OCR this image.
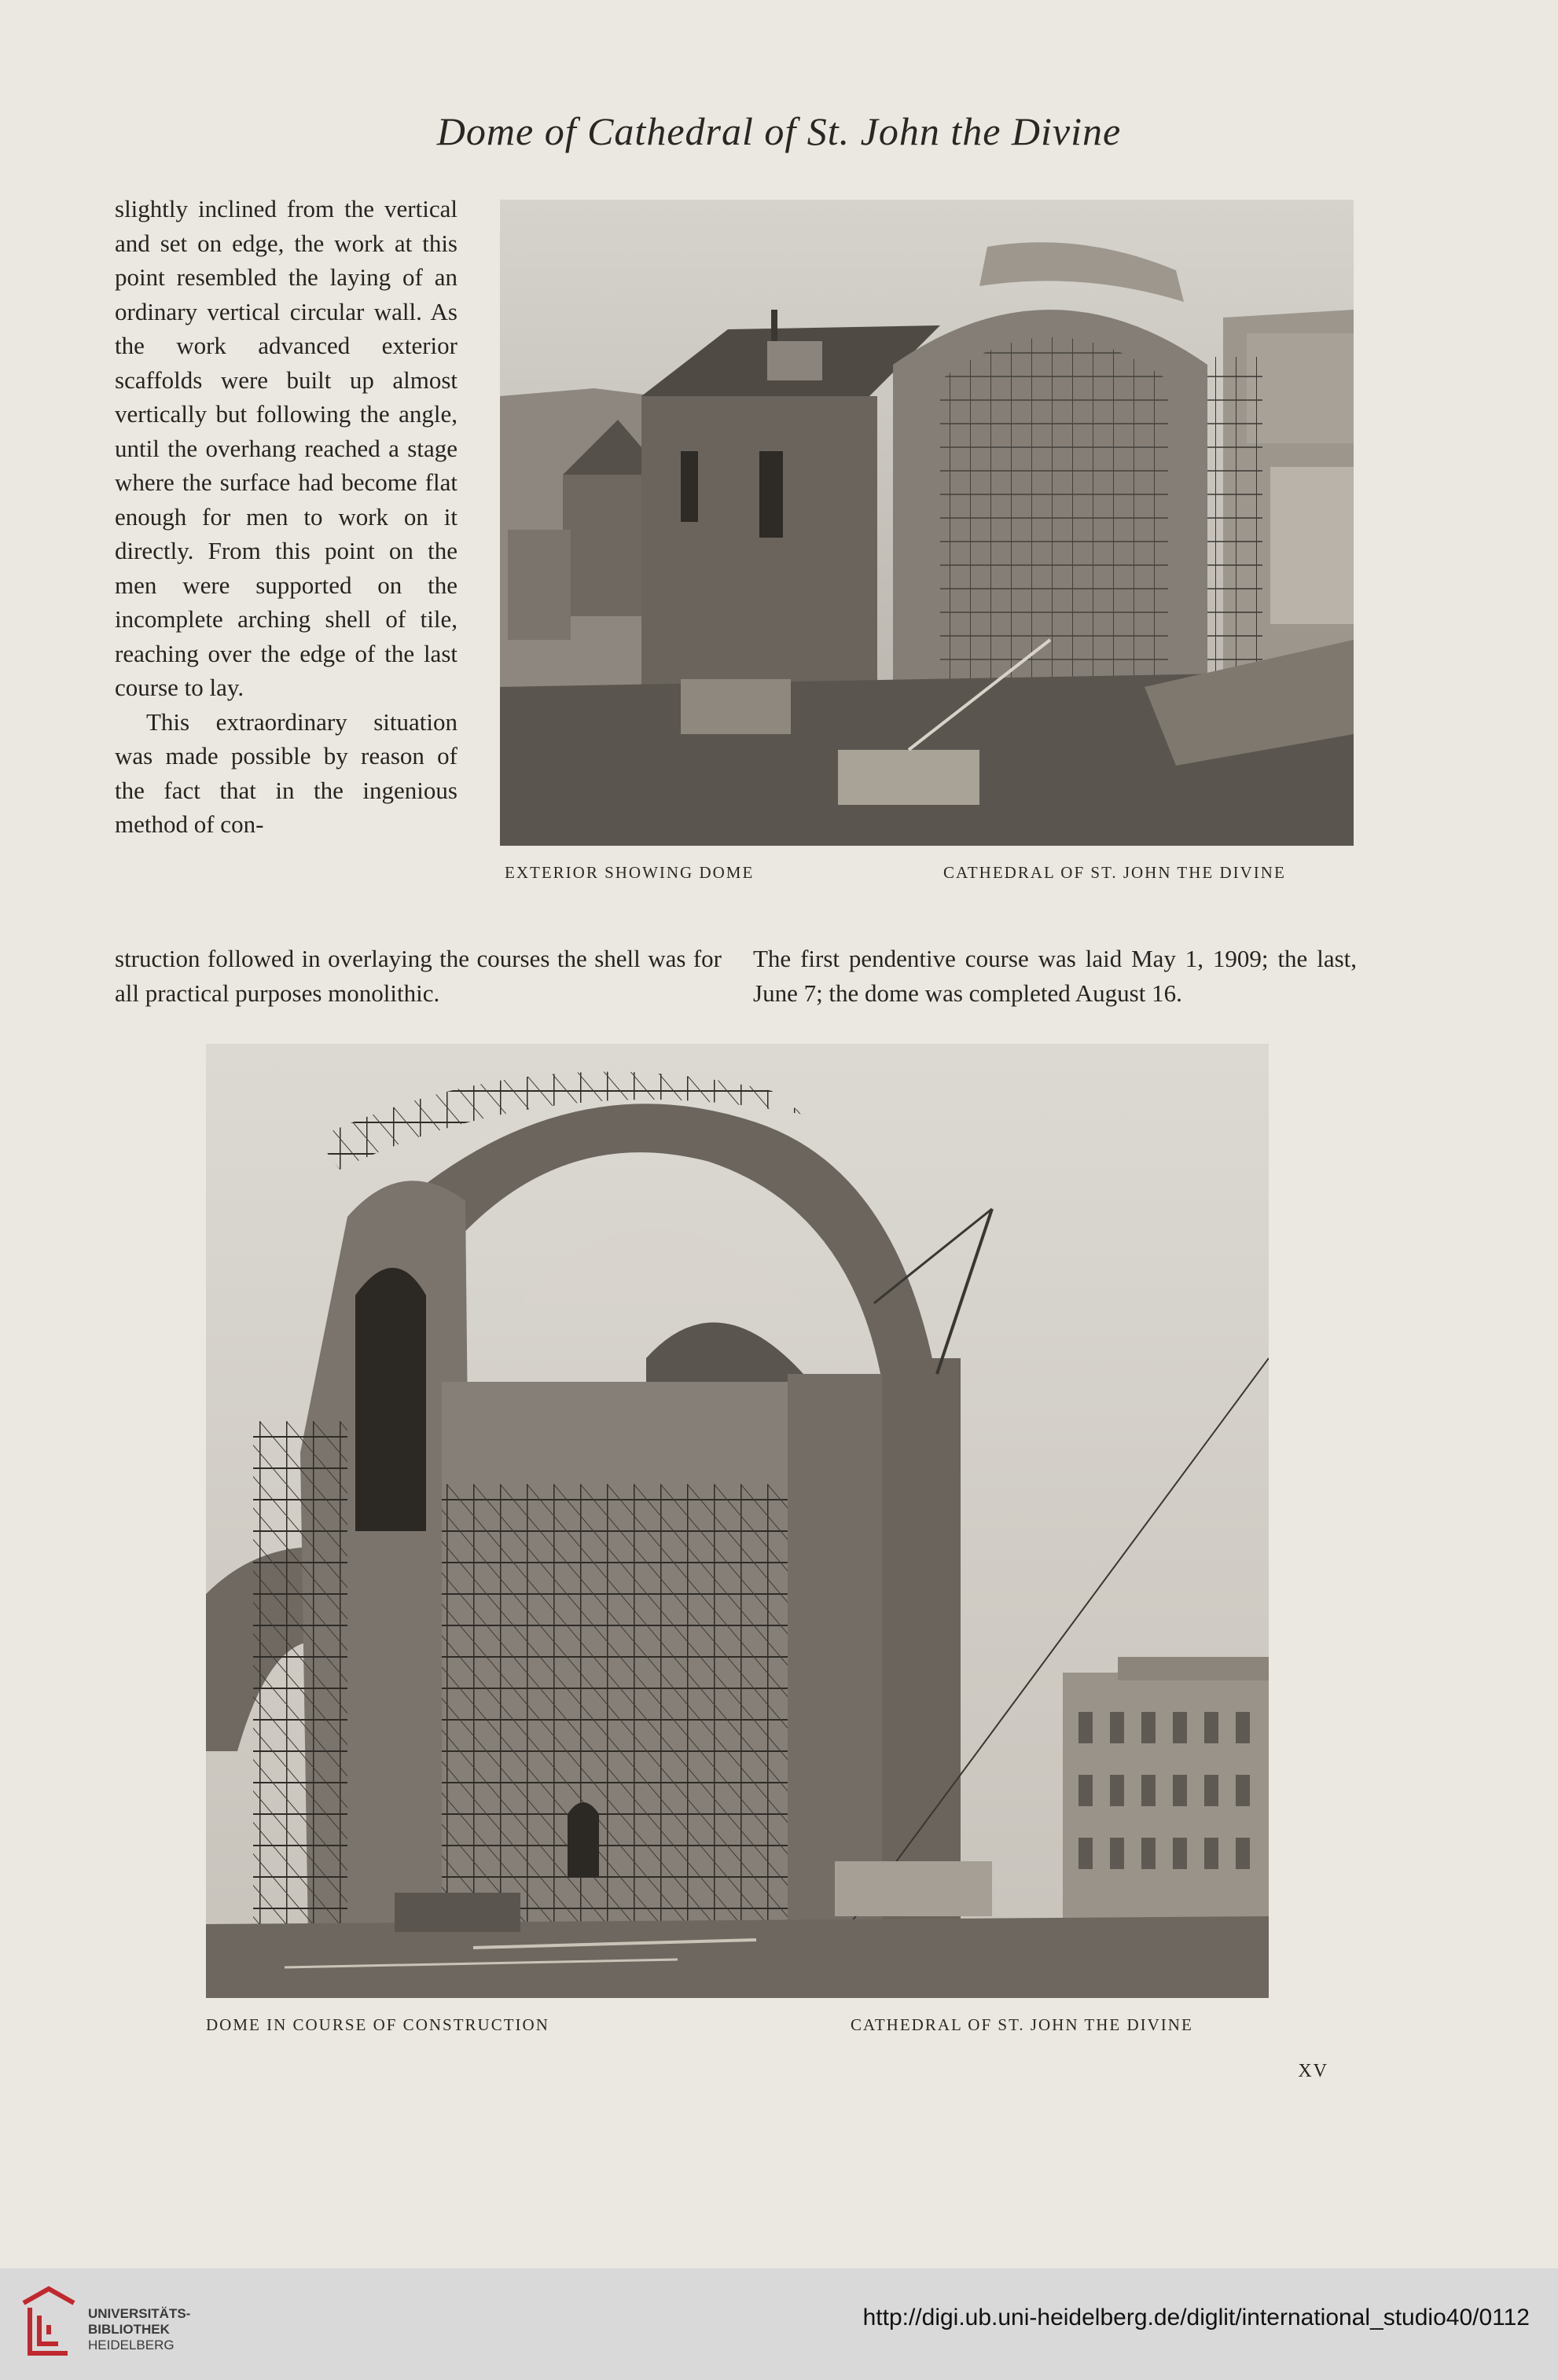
Dome of Cathedral of St. John the Divine

slightly inclined from the vertical and set on edge, the work at this point resembled the laying of an ordinary vertical circular wall. As the work advanced exterior scaffolds were built up almost vertically but following the angle, until the overhang reached a stage where the surface had become flat enough for men to work on it directly. From this point on the men were supported on the incomplete arching shell of tile, reaching over the edge of the last course to lay.

This extraordinary situation was made possible by reason of the fact that in the ingenious method of con-

EXTERIOR SHOWING DOME	CATHEDRAL OF ST. JOHN THE DIVINE

struction followed in overlaying the courses the shell was for all practical purposes monolithic.

The first pendentive course was laid May 1, 1909; the last, June 7; the dome was completed August 16.

DOME IN COURSE OF CONSTRUCTION	CATHEDRAL OF ST. JOHN THE DIVINE
XV
UNIVERSITÄTS-
BIBLIOTHEK
HEIDELBERG
http://digi.ub.uni-heidelberg.de/diglit/international_studio40/0112
